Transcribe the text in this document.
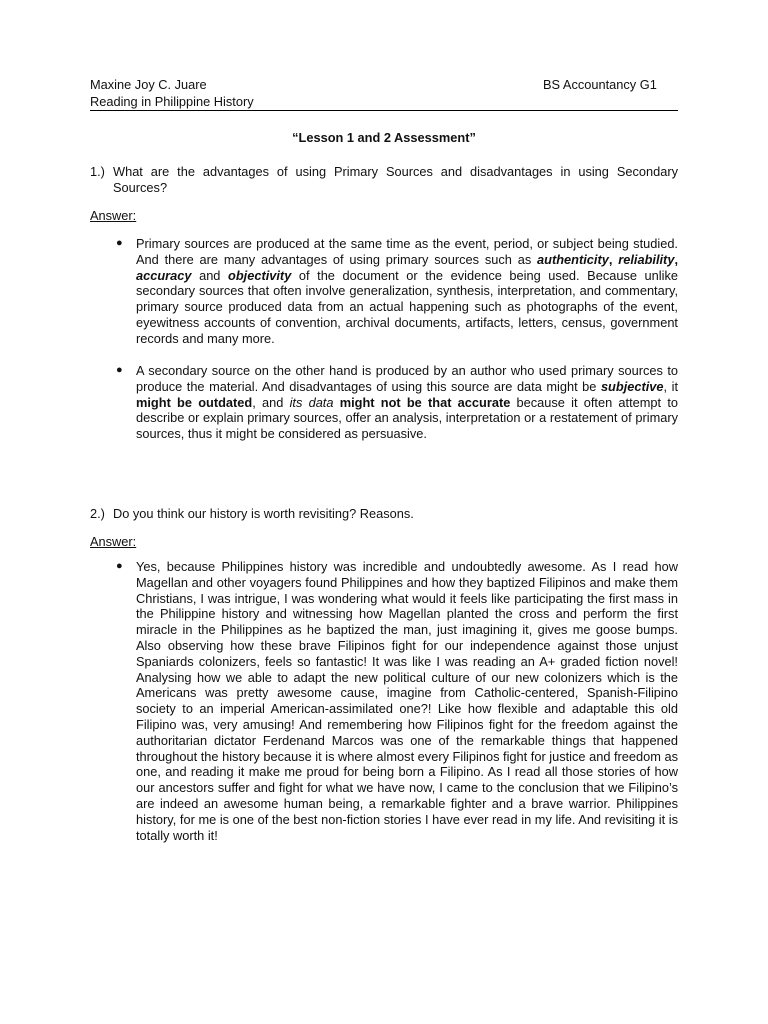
Maxine Joy C. Juare	BS Accountancy G1
Reading in Philippine History
“Lesson 1 and 2 Assessment”
1.) What are the advantages of using Primary Sources and disadvantages in using Secondary Sources?
Answer:
● Primary sources are produced at the same time as the event, period, or subject being studied. And there are many advantages of using primary sources such as authenticity, reliability, accuracy and objectivity of the document or the evidence being used. Because unlike secondary sources that often involve generalization, synthesis, interpretation, and commentary, primary source produced data from an actual happening such as photographs of the event, eyewitness accounts of convention, archival documents, artifacts, letters, census, government records and many more.
● A secondary source on the other hand is produced by an author who used primary sources to produce the material. And disadvantages of using this source are data might be subjective, it might be outdated, and its data might not be that accurate because it often attempt to describe or explain primary sources, offer an analysis, interpretation or a restatement of primary sources, thus it might be considered as persuasive.
2.) Do you think our history is worth revisiting? Reasons.
Answer:
● Yes, because Philippines history was incredible and undoubtedly awesome. As I read how Magellan and other voyagers found Philippines and how they baptized Filipinos and make them Christians, I was intrigue, I was wondering what would it feels like participating the first mass in the Philippine history and witnessing how Magellan planted the cross and perform the first miracle in the Philippines as he baptized the man, just imagining it, gives me goose bumps. Also observing how these brave Filipinos fight for our independence against those unjust Spaniards colonizers, feels so fantastic! It was like I was reading an A+ graded fiction novel! Analysing how we able to adapt the new political culture of our new colonizers which is the Americans was pretty awesome cause, imagine from Catholic-centered, Spanish-Filipino society to an imperial American-assimilated one?! Like how flexible and adaptable this old Filipino was, very amusing! And remembering how Filipinos fight for the freedom against the authoritarian dictator Ferdenand Marcos was one of the remarkable things that happened throughout the history because it is where almost every Filipinos fight for justice and freedom as one, and reading it make me proud for being born a Filipino. As I read all those stories of how our ancestors suffer and fight for what we have now, I came to the conclusion that we Filipino’s are indeed an awesome human being, a remarkable fighter and a brave warrior. Philippines history, for me is one of the best non-fiction stories I have ever read in my life. And revisiting it is totally worth it!
